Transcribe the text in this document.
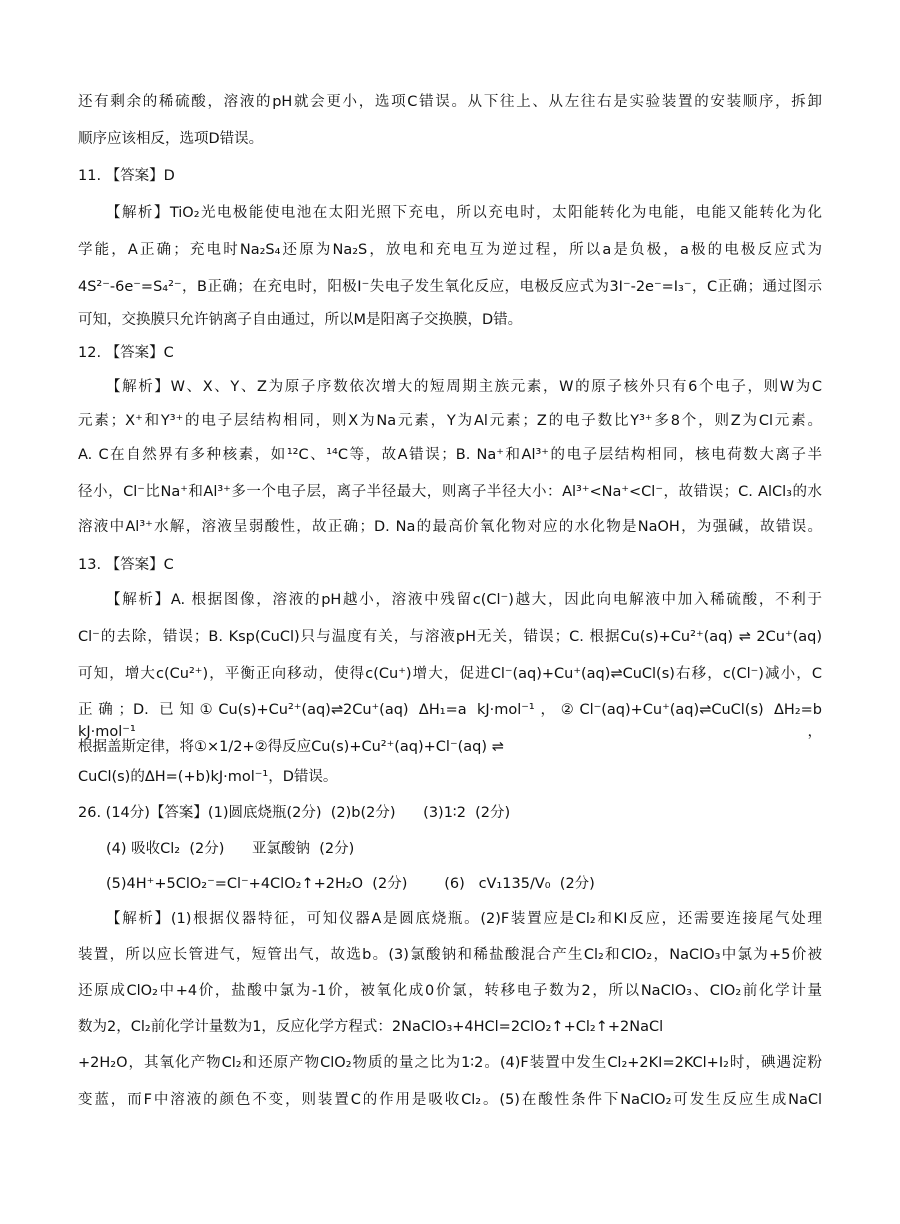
还有剩余的稀硫酸，溶液的pH就会更小，选项C错误。从下往上、从左往右是实验装置的安装顺序，拆卸
顺序应该相反，选项D错误。
11. 【答案】D
【解析】TiO₂光电极能使电池在太阳光照下充电，所以充电时，太阳能转化为电能，电能又能转化为化
学能，A正确；充电时Na₂S₄还原为Na₂S，放电和充电互为逆过程，所以a是负极，a极的电极反应式为
4S²⁻-6e⁻=S₄²⁻，B正确；在充电时，阳极I⁻失电子发生氧化反应，电极反应式为3I⁻-2e⁻=I₃⁻，C正确；通过图示
可知，交换膜只允许钠离子自由通过，所以M是阳离子交换膜，D错。
12. 【答案】C
【解析】W、X、Y、Z为原子序数依次增大的短周期主族元素，W的原子核外只有6个电子，则W为C
元素；X⁺和Y³⁺的电子层结构相同，则X为Na元素，Y为Al元素；Z的电子数比Y³⁺多8个，则Z为Cl元素。
A. C在自然界有多种核素，如¹²C、¹⁴C等，故A错误；B. Na⁺和Al³⁺的电子层结构相同，核电荷数大离子半
径小，Cl⁻比Na⁺和Al³⁺多一个电子层，离子半径最大，则离子半径大小：Al³⁺<Na⁺<Cl⁻，故错误；C. AlCl₃的水
溶液中Al³⁺水解，溶液呈弱酸性，故正确；D. Na的最高价氧化物对应的水化物是NaOH，为强碱，故错误。
13. 【答案】C
【解析】A. 根据图像，溶液的pH越小，溶液中残留c(Cl⁻)越大，因此向电解液中加入稀硫酸，不利于
Cl⁻的去除，错误；B. Ksp(CuCl)只与温度有关，与溶液pH无关，错误；C. 根据Cu(s)+Cu²⁺(aq) ⇌ 2Cu⁺(aq)
可知，增大c(Cu²⁺)，平衡正向移动，使得c(Cu⁺)增大，促进Cl⁻(aq)+Cu⁺(aq)⇌CuCl(s)右移，c(Cl⁻)减小，C
正确；D. 已知①Cu(s)+Cu²⁺(aq)⇌2Cu⁺(aq) ΔH₁=a kJ·mol⁻¹，②Cl⁻(aq)+Cu⁺(aq)⇌CuCl(s) ΔH₂=b kJ·mol⁻¹，
根据盖斯定律，将①×1/2+②得反应Cu(s)+Cu²⁺(aq)+Cl⁻(aq) ⇌
CuCl(s)的ΔH=(+b)kJ·mol⁻¹，D错误。
26. (14分)【答案】(1)圆底烧瓶(2分)  (2)b(2分)      (3)1∶2  (2分)
(4) 吸收Cl₂  (2分)      亚氯酸钠  (2分)
(5)4H⁺+5ClO₂⁻=Cl⁻+4ClO₂↑+2H₂O  (2分)        (6)   cV₁135/V₀  (2分)
【解析】(1)根据仪器特征，可知仪器A是圆底烧瓶。(2)F装置应是Cl₂和KI反应，还需要连接尾气处理
装置，所以应长管进气，短管出气，故选b。(3)氯酸钠和稀盐酸混合产生Cl₂和ClO₂，NaClO₃中氯为+5价被
还原成ClO₂中+4价，盐酸中氯为-1价，被氧化成0价氯，转移电子数为2，所以NaClO₃、ClO₂前化学计量
数为2，Cl₂前化学计量数为1，反应化学方程式：2NaClO₃+4HCl=2ClO₂↑+Cl₂↑+2NaCl
+2H₂O，其氧化产物Cl₂和还原产物ClO₂物质的量之比为1∶2。(4)F装置中发生Cl₂+2KI=2KCl+I₂时，碘遇淀粉
变蓝，而F中溶液的颜色不变，则装置C的作用是吸收Cl₂。(5)在酸性条件下NaClO₂可发生反应生成NaCl
